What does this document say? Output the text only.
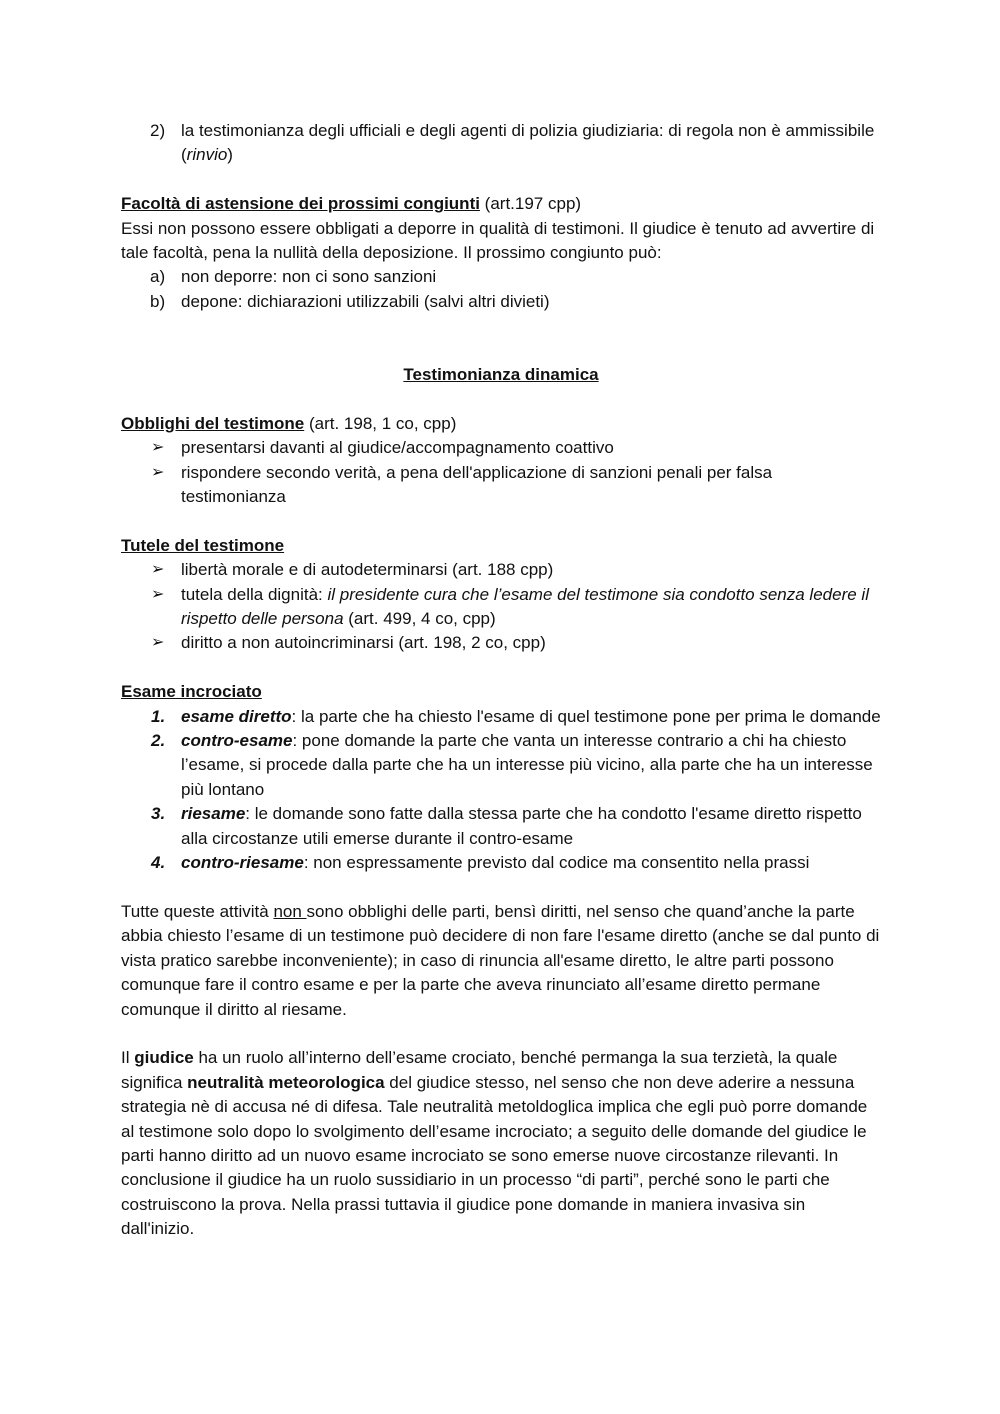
2) la testimonianza degli ufficiali e degli agenti di polizia giudiziaria: di regola non è ammissibile (rinvio)

Facoltà di astensione dei prossimi congiunti (art.197 cpp)

Essi non possono essere obbligati a deporre in qualità di testimoni. Il giudice è tenuto ad avvertire di tale facoltà, pena la nullità della deposizione. Il prossimo congiunto può:

a) non deporre: non ci sono sanzioni
b) depone: dichiarazioni utilizzabili (salvi altri divieti)

Testimonianza dinamica

Obblighi del testimone (art. 198, 1 co, cpp)

➢ presentarsi davanti al giudice/accompagnamento coattivo
➢ rispondere secondo verità, a pena dell'applicazione di sanzioni penali per falsa testimonianza

Tutele del testimone

➢ libertà morale e di autodeterminarsi (art. 188 cpp)
➢ tutela della dignità: il presidente cura che l’esame del testimone sia condotto senza ledere il rispetto delle persona (art. 499, 4 co, cpp)
➢ diritto a non autoincriminarsi (art. 198, 2 co, cpp)

Esame incrociato

1. esame diretto: la parte che ha chiesto l'esame di quel testimone pone per prima le domande
2. contro-esame: pone domande la parte che vanta un interesse contrario a chi ha chiesto l’esame, si procede dalla parte che ha un interesse più vicino, alla parte che ha un interesse più lontano
3. riesame: le domande sono fatte dalla stessa parte che ha condotto l'esame diretto rispetto alla circostanze utili emerse durante il contro-esame
4. contro-riesame: non espressamente previsto dal codice ma consentito nella prassi

Tutte queste attività non sono obblighi delle parti, bensì diritti, nel senso che quand’anche la parte abbia chiesto l’esame di un testimone può decidere di non fare l'esame diretto (anche se dal punto di vista pratico sarebbe inconveniente); in caso di rinuncia all'esame diretto, le altre parti possono comunque fare il contro esame e per la parte che aveva rinunciato all’esame diretto permane comunque il diritto al riesame.

Il giudice ha un ruolo all’interno dell’esame crociato, benché permanga la sua terzietà, la quale significa neutralità meteorologica del giudice stesso, nel senso che non deve aderire a nessuna strategia nè di accusa né di difesa. Tale neutralità metoldoglica implica che egli può porre domande al testimone solo dopo lo svolgimento dell’esame incrociato; a seguito delle domande del giudice le parti hanno diritto ad un nuovo esame incrociato se sono emerse nuove circostanze rilevanti. In conclusione il giudice ha un ruolo sussidiario in un processo “di parti”, perché sono le parti che costruiscono la prova. Nella prassi tuttavia il giudice pone domande in maniera invasiva sin dall'inizio.
